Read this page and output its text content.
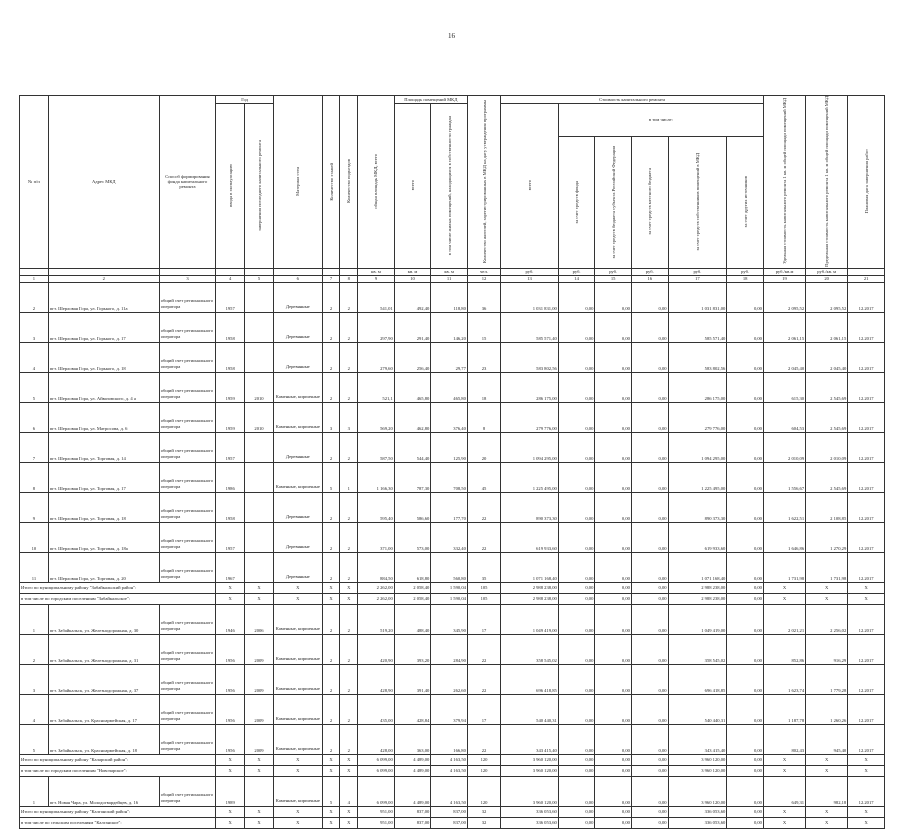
16
№ п/п	Адрес МКД	Способ формирования фонда капитального ремонта	Год		Материал стен	Количество этажей	Количество подъездов	общая площадь МКД, всего	Площадь помещений МКД		Количество жителей, зарегистрированных в МКД на дату утверждения программы	Стоимость капитального ремонта						Удельная стоимость капитального ремонта 1 кв. м общей площади помещений МКД	Предельная стоимость капитального ремонта 1 кв. м общей площади помещений МКД	Плановая дата завершения работ
			ввода в эксплуатацию	завершения последнего капитального ремонта					всего	в том числе жилых помещений, находящихся в собственности граждан		всего	в том числе:							
													за счет средств фонда	за счет средств бюджета субъекта Российской Федерации	за счет средств местного бюджета	за счет средств собственников помещений в МКД	за счет других источников			
								кв. м	кв. м	кв. м	чел.	руб.	руб.	руб.	руб.	руб.	руб.	руб./кв.м	руб./кв. м	
1	2	3	4	5	6	7	8	9	10	11	12	13	14	15	16	17	18	19	20	21
2	пгт. Шерловая Гора, ул. Горького, д. 11а	общий счет регионального оператора	1957		Деревянные	2	2	541,01	492,40	118,80	36	1 031 831,00	0,00	0,00	0,00	1 031 831,00	0,00	2 095,52	2 095,52	12.2017
3	пгт. Шерловая Гора, ул. Горького, д. 17	общий счет регионального оператора	1958		Деревянные	2	2	297,90	291,40	146,20	15	585 571,40	0,00	0,00	0,00	585 571,40	0,00	2 061,15	2 061,15	12.2017
4	пгт. Шерловая Гора, ул. Горького, д. 18	общий счет регионального оператора	1958		Деревянные	2	2	279,60	256,40	29,77	23	583 802,56	0,00	0,00	0,00	583 802,56	0,00	2 045,40	2 045,40	12.2017
5	пгт. Шерловая Гора, ул. Айвазовского, д. 4 а	общий счет регионального оператора	1959	2010	Каменные, кирпичные	2	2	521,1	465,80	465,80	18	286 175,00	0,00	0,00	0,00	286 175,00	0,00	615,30	2 545,69	12.2017
6	пгт. Шерловая Гора, ул. Матросова, д. 6	общий счет регионального оператора	1959	2010	Каменные, кирпичные	3	3	569,20	462,80	376,40	8	279 776,00	0,00	0,00	0,00	279 776,00	0,00	604,53	2 545,69	12.2017
7	пгт. Шерловая Гора, ул. Торговая, д. 14	общий счет регионального оператора	1957		Деревянные	2	2	587,50	544,40	125,90	20	1 094 295,00	0,00	0,00	0,00	1 094 295,00	0,00	2 010,09	2 010,09	12.2017
8	пгт. Шерловая Гора, ул. Торговая, д. 17	общий счет регионального оператора	1986		Каменные, кирпичные	5	1	1 166,30	787,30	708,50	45	1 225 495,00	0,00	0,00	0,00	1 225 495,00	0,00	1 556,67	2 545,69	12.2017
9	пгт. Шерловая Гора, ул. Торговая, д. 18	общий счет регионального оператора	1958		Деревянные	2	2	595,40	586,60	177,70	22	890 373,30	0,00	0,00	0,00	890 373,30	0,00	1 622,51	2 108,85	12.2017
10	пгт. Шерловая Гора, ул. Торговая, д. 18а	общий счет регионального оператора	1957		Деревянные	2	2	371,00	573,00	332,40	22	619 933,60	0,00	0,00	0,00	619 933,60	0,00	1 646,86	1 270,29	12.2017
11	пгт. Шерловая Гора, ул. Торговая, д. 20	общий счет регионального оператора	1967		Деревянные	2	2	884,50	618,80	560,80	35	1 071 168,40	0,00	0,00	0,00	1 071 168,40	0,00	1 731,98	1 731,98	12.2017
Итого по муниципальному району "Забайкальский район":			X	X	X	X	X	2 262,00	2 058,40	1 590,04	105	2 988 238,00	0,00	0,00	0,00	2 988 238,00	0,00	X	X	X
в том числе по городским поселениям "Забайкальское":			X	X	X	X	X	2 262,00	2 058,40	1 590,04	105	2 988 238,00	0,00	0,00	0,00	2 988 238,00	0,00	X	X	X
1	пгт. Забайкальск, ул. Железнодорожная, д. 30	общий счет регионального оператора	1946	2006	Каменные, кирпичные	2	2	519,20	488,40	345,90	17	1 049 419,00	0,00	0,00	0,00	1 049 419,00	0,00	2 021,21	2 256,02	12.2017
2	пгт. Забайкальск, ул. Железнодорожная, д. 31	общий счет регионального оператора	1956	2009	Каменные, кирпичные	2	2	420,90	393,20	284,90	22	358 545,02	0,00	0,00	0,00	358 545,02	0,00	852,86	916,29	12.2017
3	пгт. Забайкальск, ул. Железнодорожная, д. 37	общий счет регионального оператора	1956	2009	Каменные, кирпичные	2	2	428,90	391,40	262,60	22	696 418,85	0,00	0,00	0,00	696 418,85	0,00	1 623,74	1 779,28	12.2017
4	пгт. Забайкальск, ул. Красноармейская, д. 17	общий счет регионального оператора	1956	2009	Каменные, кирпичные	2	2	435,00	428,84	379,94	17	540 440,31	0,00	0,00	0,00	540 440,31	0,00	1 187,78	1 260,26	12.2017
5	пгт. Забайкальск, ул. Красноармейская, д. 18	общий счет регионального оператора	1956	2009	Каменные, кирпичные	2	2	428,00	363,00	166,80	22	343 415,40	0,00	0,00	0,00	343 415,40	0,00	802,43	945,40	12.2017
Итого по муниципальному району "Каларский район":			X	X	X	X	X	6 099,00	4 489,00	4 163,50	120	3 960 120,00	0,00	0,00	0,00	3 960 120,00	0,00	X	X	X
в том числе по городским поселениям "Новочарское":			X	X	X	X	X	6 099,00	4 489,00	4 163,50	120	3 960 120,00	0,00	0,00	0,00	3 960 120,00	0,00	X	X	X
1	пгт. Новая Чара, ул. Молодогвардейцев, д. 16	общий счет регионального оператора	1989		Каменные, кирпичные	5	4	6 099,00	4 489,00	4 163,50	120	3 960 120,00	0,00	0,00	0,00	3 960 120,00	0,00	649,31	982,18	12.2017
Итого по муниципальному району "Калганский район":			X	X	X	X	X	951,00	837,00	837,00	32	336 053,60	0,00	0,00	0,00	336 053,60	0,00	X	X	X
в том числе по сельским поселениям "Калганское":			X	X	X	X	X	951,00	837,00	837,00	32	336 053,60	0,00	0,00	0,00	336 053,60	0,00	X	X	X
